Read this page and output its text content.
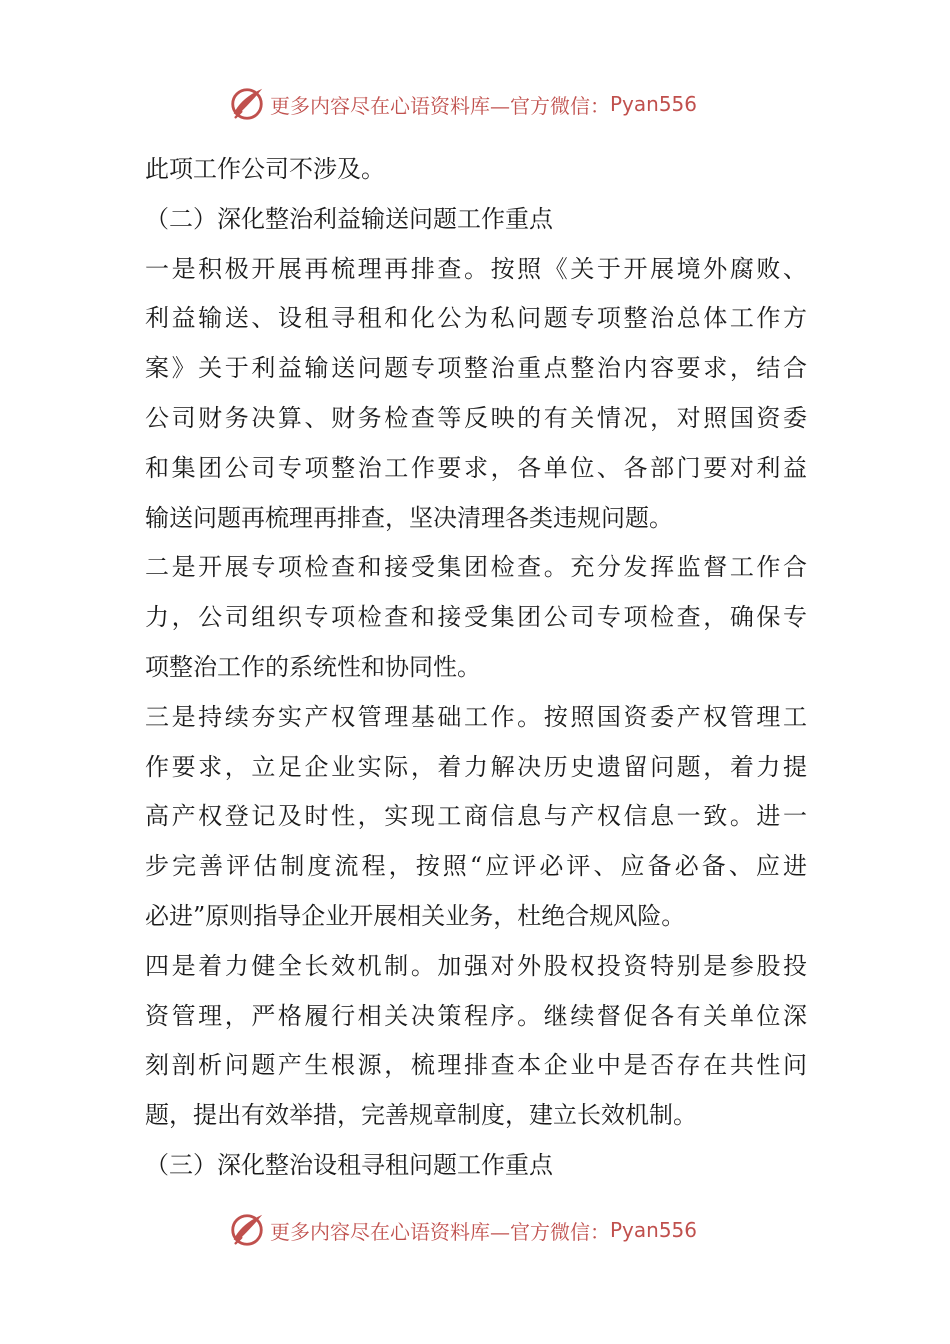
更多内容尽在心语资料库—官方微信： Pyan556
此项工作公司不涉及。
（二）深化整治利益输送问题工作重点
一是积极开展再梳理再排查。按照《关于开展境外腐败、
利益输送、设租寻租和化公为私问题专项整治总体工作方
案》关于利益输送问题专项整治重点整治内容要求，结合
公司财务决算、财务检查等反映的有关情况，对照国资委
和集团公司专项整治工作要求，各单位、各部门要对利益
输送问题再梳理再排查，坚决清理各类违规问题。
二是开展专项检查和接受集团检查。充分发挥监督工作合
力，公司组织专项检查和接受集团公司专项检查，确保专
项整治工作的系统性和协同性。
三是持续夯实产权管理基础工作。按照国资委产权管理工
作要求，立足企业实际，着力解决历史遗留问题，着力提
高产权登记及时性，实现工商信息与产权信息一致。进一
步完善评估制度流程，按照“应评必评、应备必备、应进
必进”原则指导企业开展相关业务，杜绝合规风险。
四是着力健全长效机制。加强对外股权投资特别是参股投
资管理，严格履行相关决策程序。继续督促各有关单位深
刻剖析问题产生根源，梳理排查本企业中是否存在共性问
题，提出有效举措，完善规章制度，建立长效机制。
（三）深化整治设租寻租问题工作重点
更多内容尽在心语资料库—官方微信： Pyan556
